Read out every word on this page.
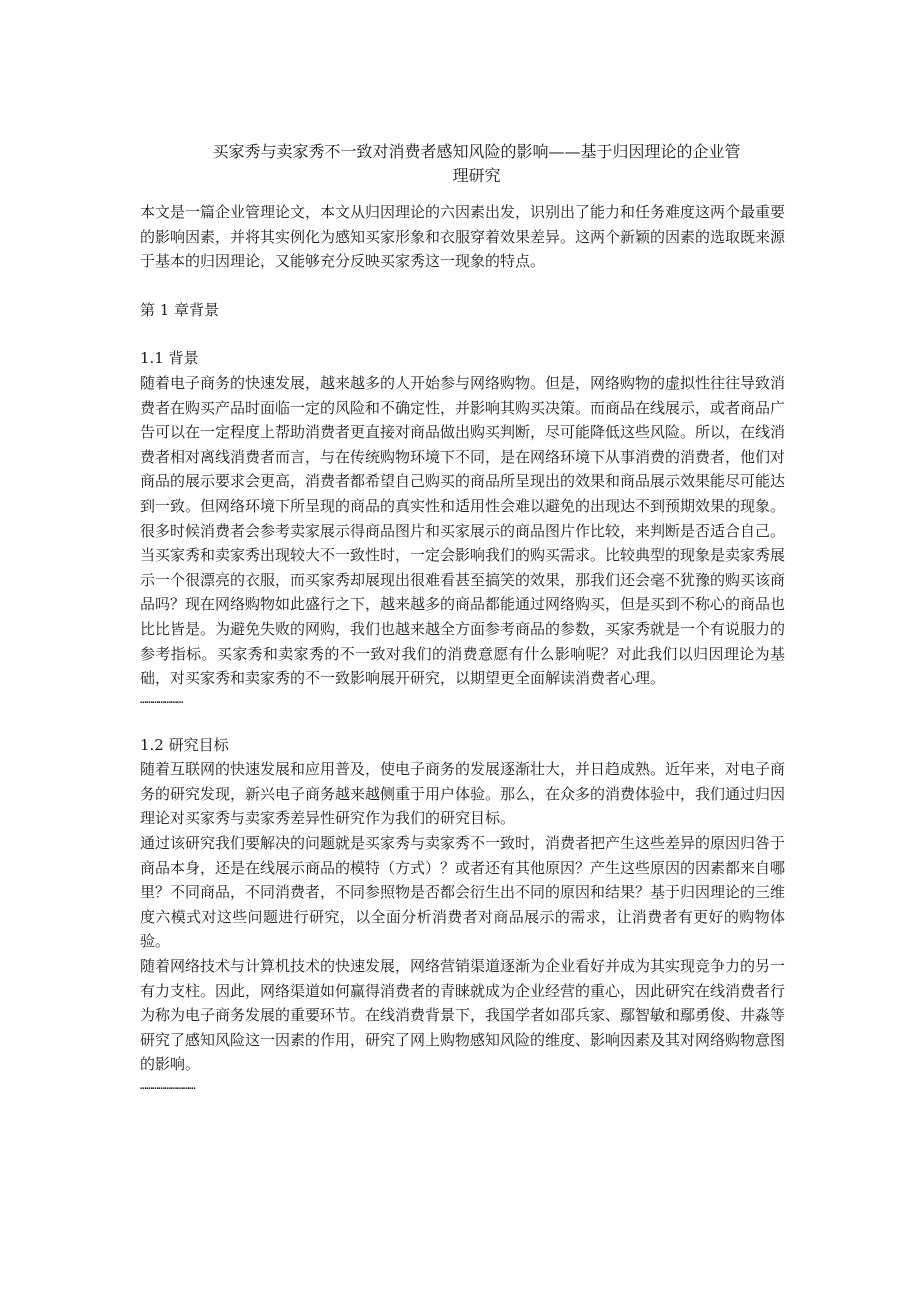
买家秀与卖家秀不一致对消费者感知风险的影响——基于归因理论的企业管
理研究

本文是一篇企业管理论文，本文从归因理论的六因素出发，识别出了能力和任务难度这两个最重要的影响因素，并将其实例化为感知买家形象和衣服穿着效果差异。这两个新颖的因素的选取既来源于基本的归因理论，又能够充分反映买家秀这一现象的特点。

第 1 章背景
1.1 背景

随着电子商务的快速发展，越来越多的人开始参与网络购物。但是，网络购物的虚拟性往往导致消费者在购买产品时面临一定的风险和不确定性，并影响其购买决策。而商品在线展示，或者商品广告可以在一定程度上帮助消费者更直接对商品做出购买判断，尽可能降低这些风险。所以，在线消费者相对离线消费者而言，与在传统购物环境下不同，是在网络环境下从事消费的消费者，他们对商品的展示要求会更高，消费者都希望自己购买的商品所呈现出的效果和商品展示效果能尽可能达到一致。但网络环境下所呈现的商品的真实性和适用性会难以避免的出现达不到预期效果的现象。很多时候消费者会参考卖家展示得商品图片和买家展示的商品图片作比较，来判断是否适合自己。当买家秀和卖家秀出现较大不一致性时，一定会影响我们的购买需求。比较典型的现象是卖家秀展示一个很漂亮的衣服，而买家秀却展现出很难看甚至搞笑的效果，那我们还会毫不犹豫的购买该商品吗？现在网络购物如此盛行之下，越来越多的商品都能通过网络购买，但是买到不称心的商品也比比皆是。为避免失败的网购，我们也越来越全方面参考商品的参数，买家秀就是一个有说服力的参考指标。买家秀和卖家秀的不一致对我们的消费意愿有什么影响呢？对此我们以归因理论为基础，对买家秀和卖家秀的不一致影响展开研究，以期望更全面解读消费者心理。

…………………
1.2 研究目标

随着互联网的快速发展和应用普及，使电子商务的发展逐渐壮大，并日趋成熟。近年来，对电子商务的研究发现，新兴电子商务越来越侧重于用户体验。那么，在众多的消费体验中，我们通过归因理论对买家秀与卖家秀差异性研究作为我们的研究目标。

通过该研究我们要解决的问题就是买家秀与卖家秀不一致时，消费者把产生这些差异的原因归咎于商品本身，还是在线展示商品的模特（方式）？或者还有其他原因？产生这些原因的因素都来自哪里？不同商品，不同消费者，不同参照物是否都会衍生出不同的原因和结果？基于归因理论的三维度六模式对这些问题进行研究，以全面分析消费者对商品展示的需求，让消费者有更好的购物体验。

随着网络技术与计算机技术的快速发展，网络营销渠道逐渐为企业看好并成为其实现竞争力的另一有力支柱。因此，网络渠道如何赢得消费者的青睐就成为企业经营的重心，因此研究在线消费者行为称为电子商务发展的重要环节。在线消费背景下，我国学者如邵兵家、鄢智敏和鄢勇俊、井淼等研究了感知风险这一因素的作用，研究了网上购物感知风险的维度、影响因素及其对网络购物意图的影响。

………………………
